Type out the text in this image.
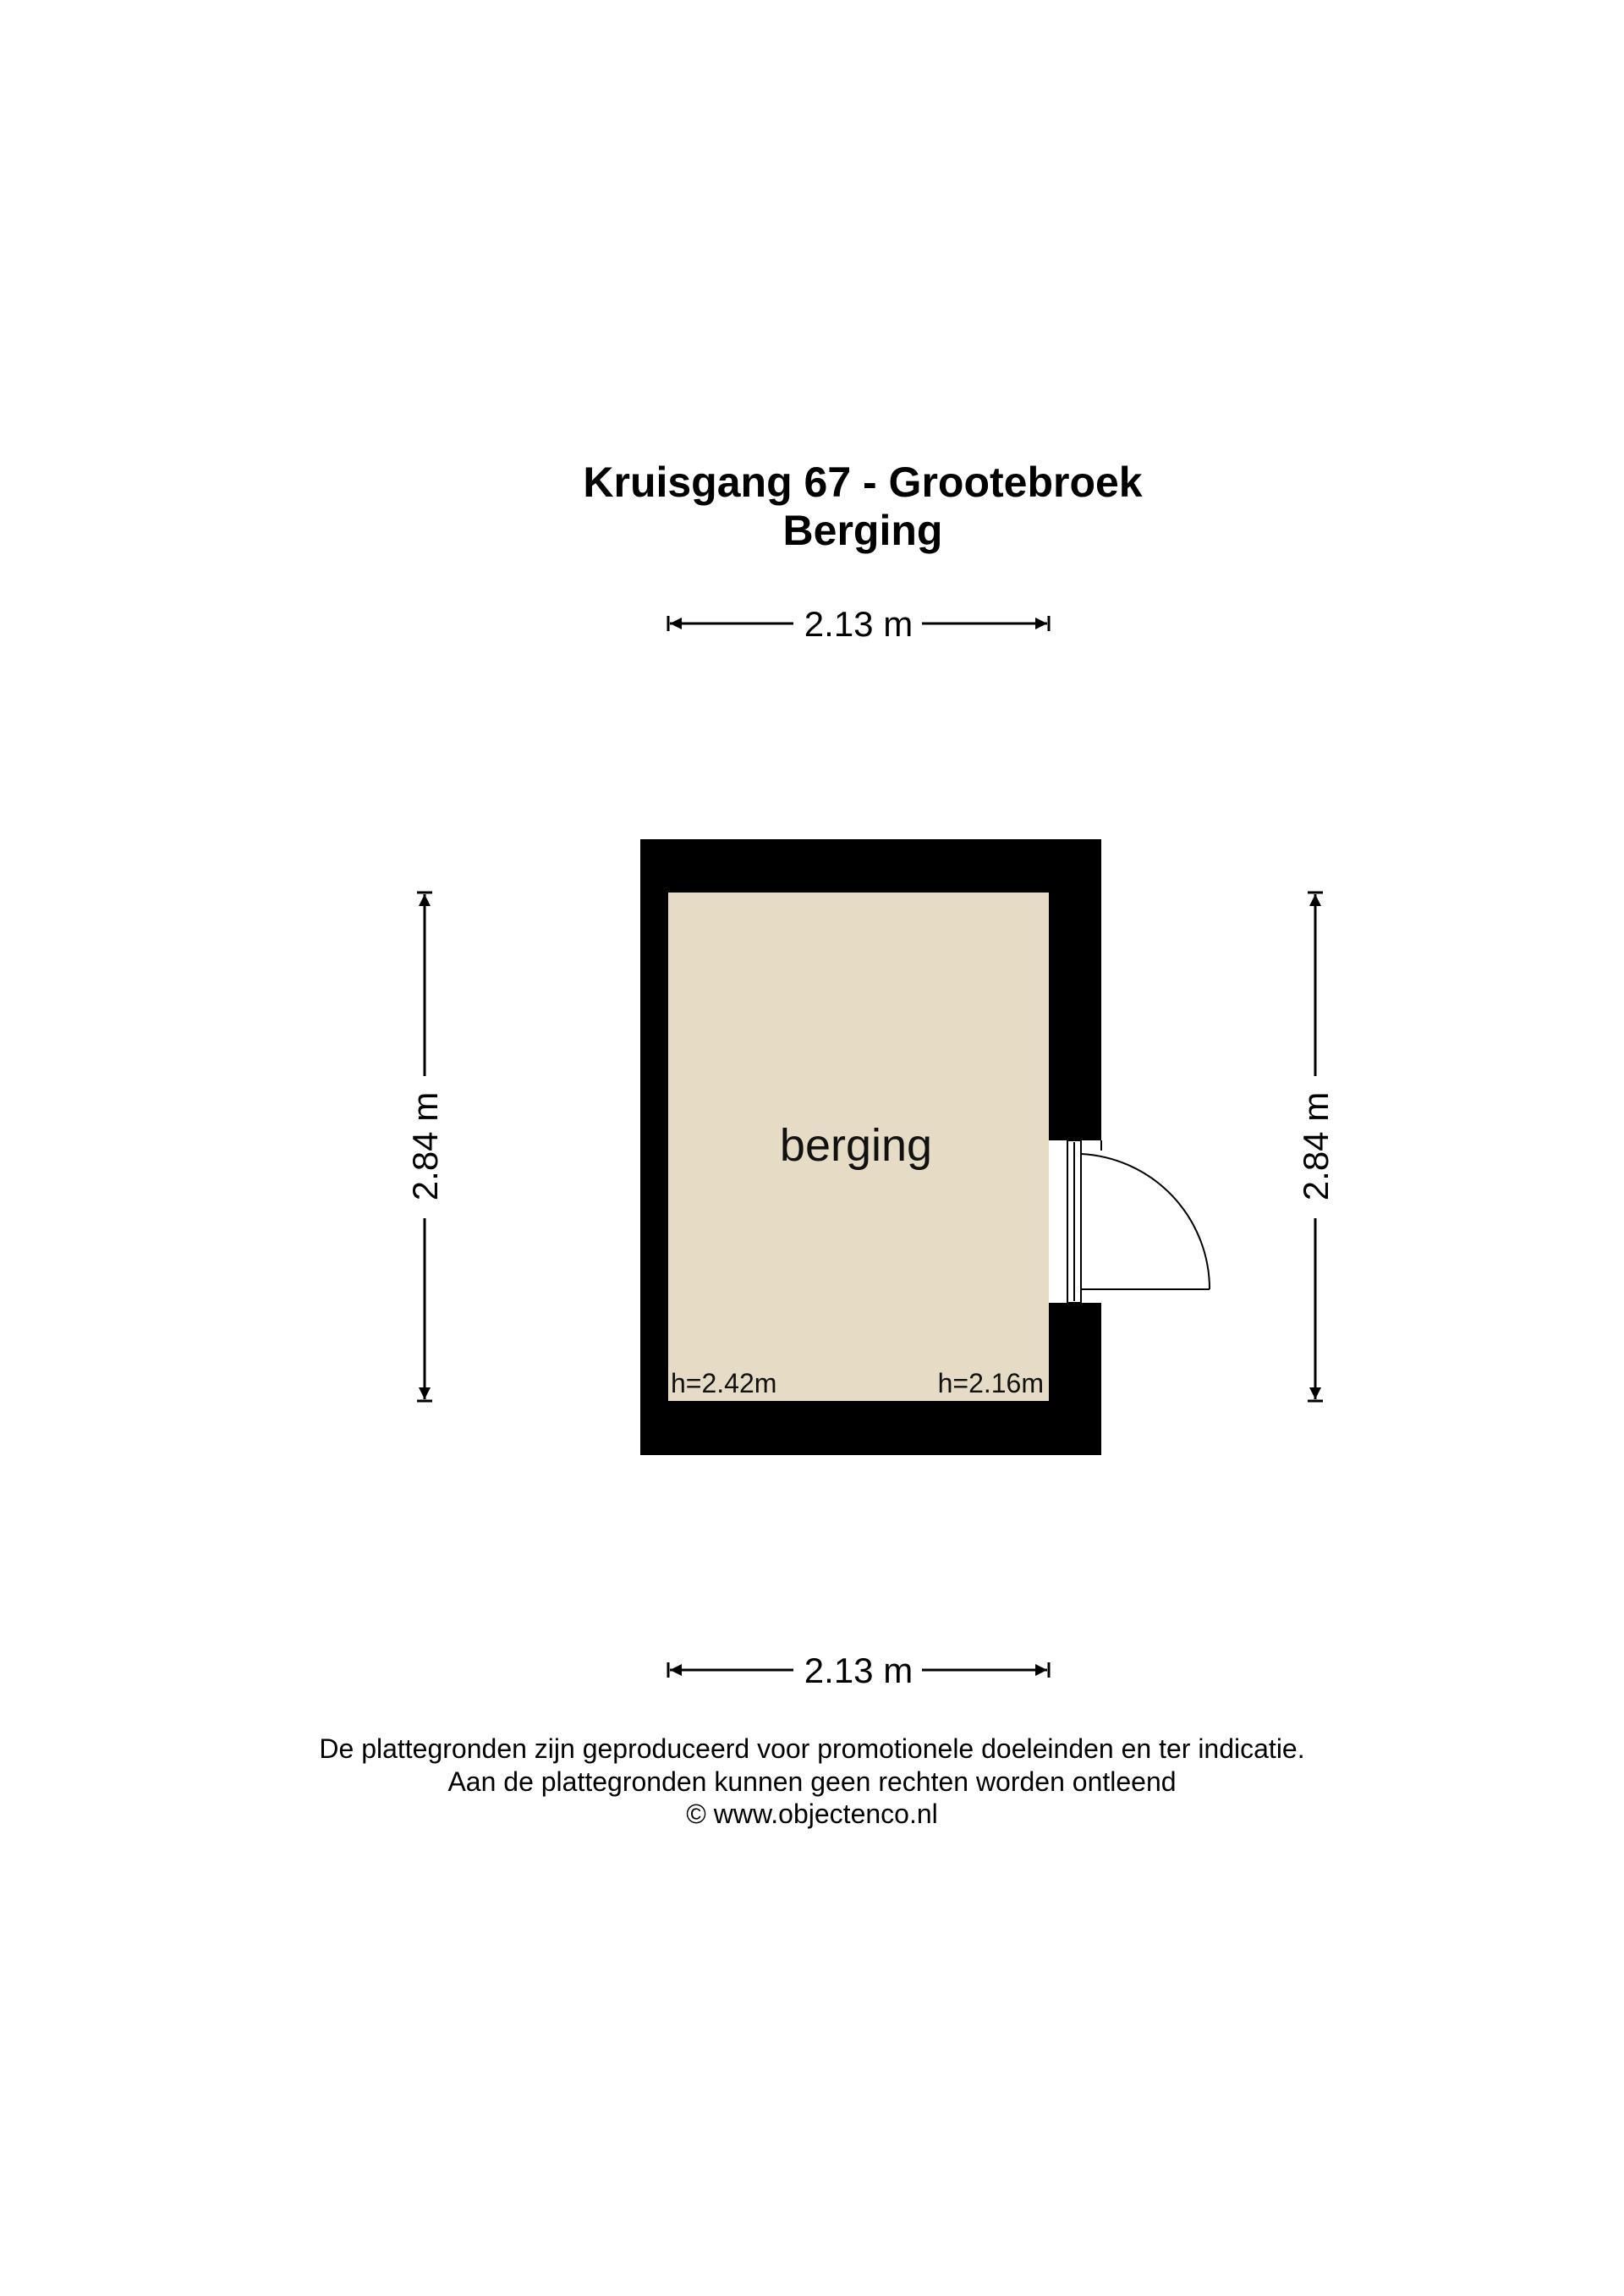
Kruisgang 67 - Grootebroek
Berging
2.13 m
2.13 m
2.84 m	2.84 m
berging
h=2.42m	h=2.16m
De plattegronden zijn geproduceerd voor promotionele doeleinden en ter indicatie.
Aan de plattegronden kunnen geen rechten worden ontleend
© www.objectenco.nl
